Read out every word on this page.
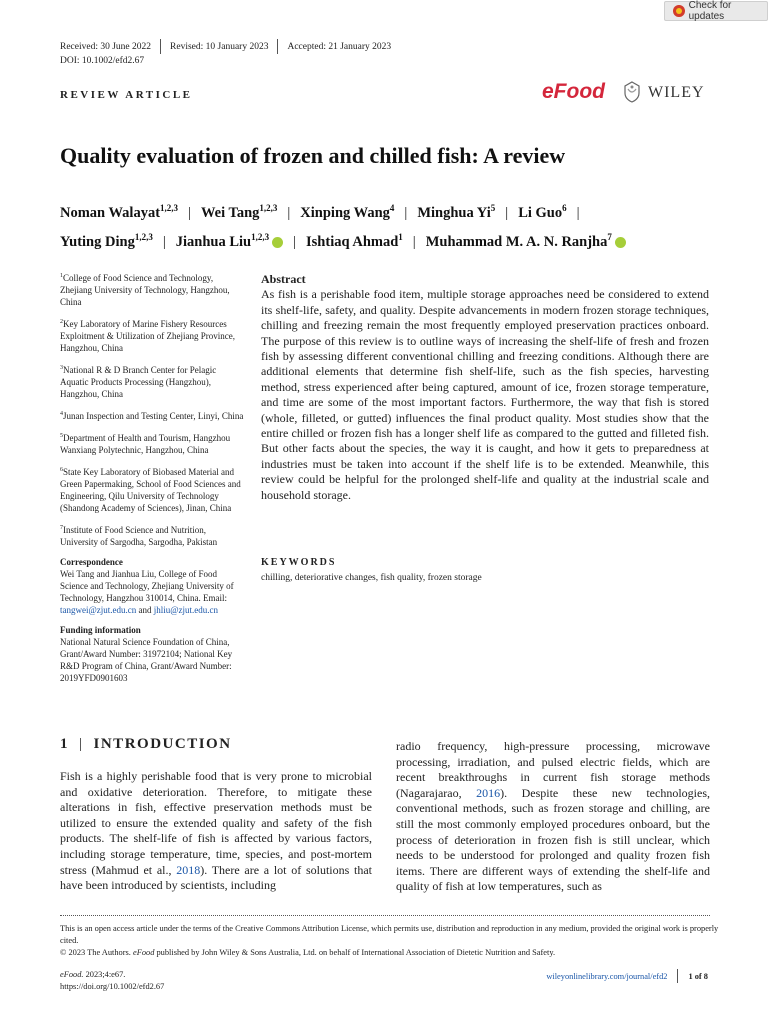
Check for updates
Received: 30 June 2022 Revised: 10 January 2023 Accepted: 21 January 2023
DOI: 10.1002/efd2.67
REVIEW ARTICLE	eFood	WILEY
Quality evaluation of frozen and chilled fish: A review
Noman Walayat$^{1,2,3}$ | Wei Tang$^{1,2,3}$ | Xinping Wang$^4$ | Minghua Yi$^5$ | Li Guo$^6$ |
Yuting Ding$^{1,2,3}$ | Jianhua Liu$^{1,2,3}$ | Ishtiaq Ahmad$^1$ | Muhammad M. A. N. Ranjha$^7$

$^1$College of Food Science and Technology, Zhejiang University of Technology, Hangzhou, China

$^2$Key Laboratory of Marine Fishery Resources Exploitment & Utilization of Zhejiang Province, Hangzhou, China

$^3$National R & D Branch Center for Pelagic Aquatic Products Processing (Hangzhou), Hangzhou, China

$^4$Junan Inspection and Testing Center, Linyi, China

$^5$Department of Health and Tourism, Hangzhou Wanxiang Polytechnic, Hangzhou, China

$^6$State Key Laboratory of Biobased Material and Green Papermaking, School of Food Sciences and Engineering, Qilu University of Technology (Shandong Academy of Sciences), Jinan, China

$^7$Institute of Food Science and Nutrition, University of Sargodha, Sargodha, Pakistan

Correspondence

Wei Tang and Jianhua Liu, College of Food Science and Technology, Zhejiang University of Technology, Hangzhou 310014, China. Email: tangwei@zjut.edu.cn and jhliu@zjut.edu.cn

Funding information

National Natural Science Foundation of China, Grant/Award Number: 31972104; National Key R&D Program of China, Grant/Award Number: 2019YFD0901603

Abstract

As fish is a perishable food item, multiple storage approaches need be considered to extend its shelf-life, safety, and quality. Despite advancements in modern frozen storage techniques, chilling and freezing remain the most frequently employed preservation practices onboard. The purpose of this review is to outline ways of increasing the shelf-life of fresh and frozen fish by assessing different conventional chilling and freezing conditions. Although there are additional elements that determine fish shelf-life, such as the fish species, harvesting method, stress experienced after being captured, amount of ice, frozen storage temperature, and time are some of the most important factors. Furthermore, the way that fish is stored (whole, filleted, or gutted) influences the final product quality. Most studies show that the entire chilled or frozen fish has a longer shelf life as compared to the gutted and filleted fish. But other facts about the species, the way it is caught, and how it gets to preparedness at industries must be taken into account if the shelf life is to be extended. Meanwhile, this review could be helpful for the prolonged shelf-life and quality at the industrial scale and household storage.

KEYWORDS
chilling, deteriorative changes, fish quality, frozen storage
1 | INTRODUCTION
Fish is a highly perishable food that is very prone to microbial and oxidative deterioration. Therefore, to mitigate these alterations in fish, effective preservation methods must be utilized to ensure the extended quality and safety of the fish products. The shelf-life of fish is affected by various factors, including storage temperature, time, species, and post-mortem stress (Mahmud et al., 2018). There are a lot of solutions that have been introduced by scientists, including
radio frequency, high-pressure processing, microwave processing, irradiation, and pulsed electric fields, which are recent breakthroughs in current fish storage methods (Nagarajarao, 2016). Despite these new technologies, conventional methods, such as frozen storage and chilling, are still the most commonly employed procedures onboard, but the process of deterioration in frozen fish is still unclear, which needs to be understood for prolonged and quality frozen fish items. There are different ways of extending the shelf-life and quality of fish at low temperatures, such as
This is an open access article under the terms of the Creative Commons Attribution License, which permits use, distribution and reproduction in any medium, provided the original work is properly cited.
© 2023 The Authors. eFood published by John Wiley & Sons Australia, Ltd. on behalf of International Association of Dietetic Nutrition and Safety.
eFood. 2023;4:e67.
https://doi.org/10.1002/efd2.67
wileyonlinelibrary.com/journal/efd2	1 of 8
